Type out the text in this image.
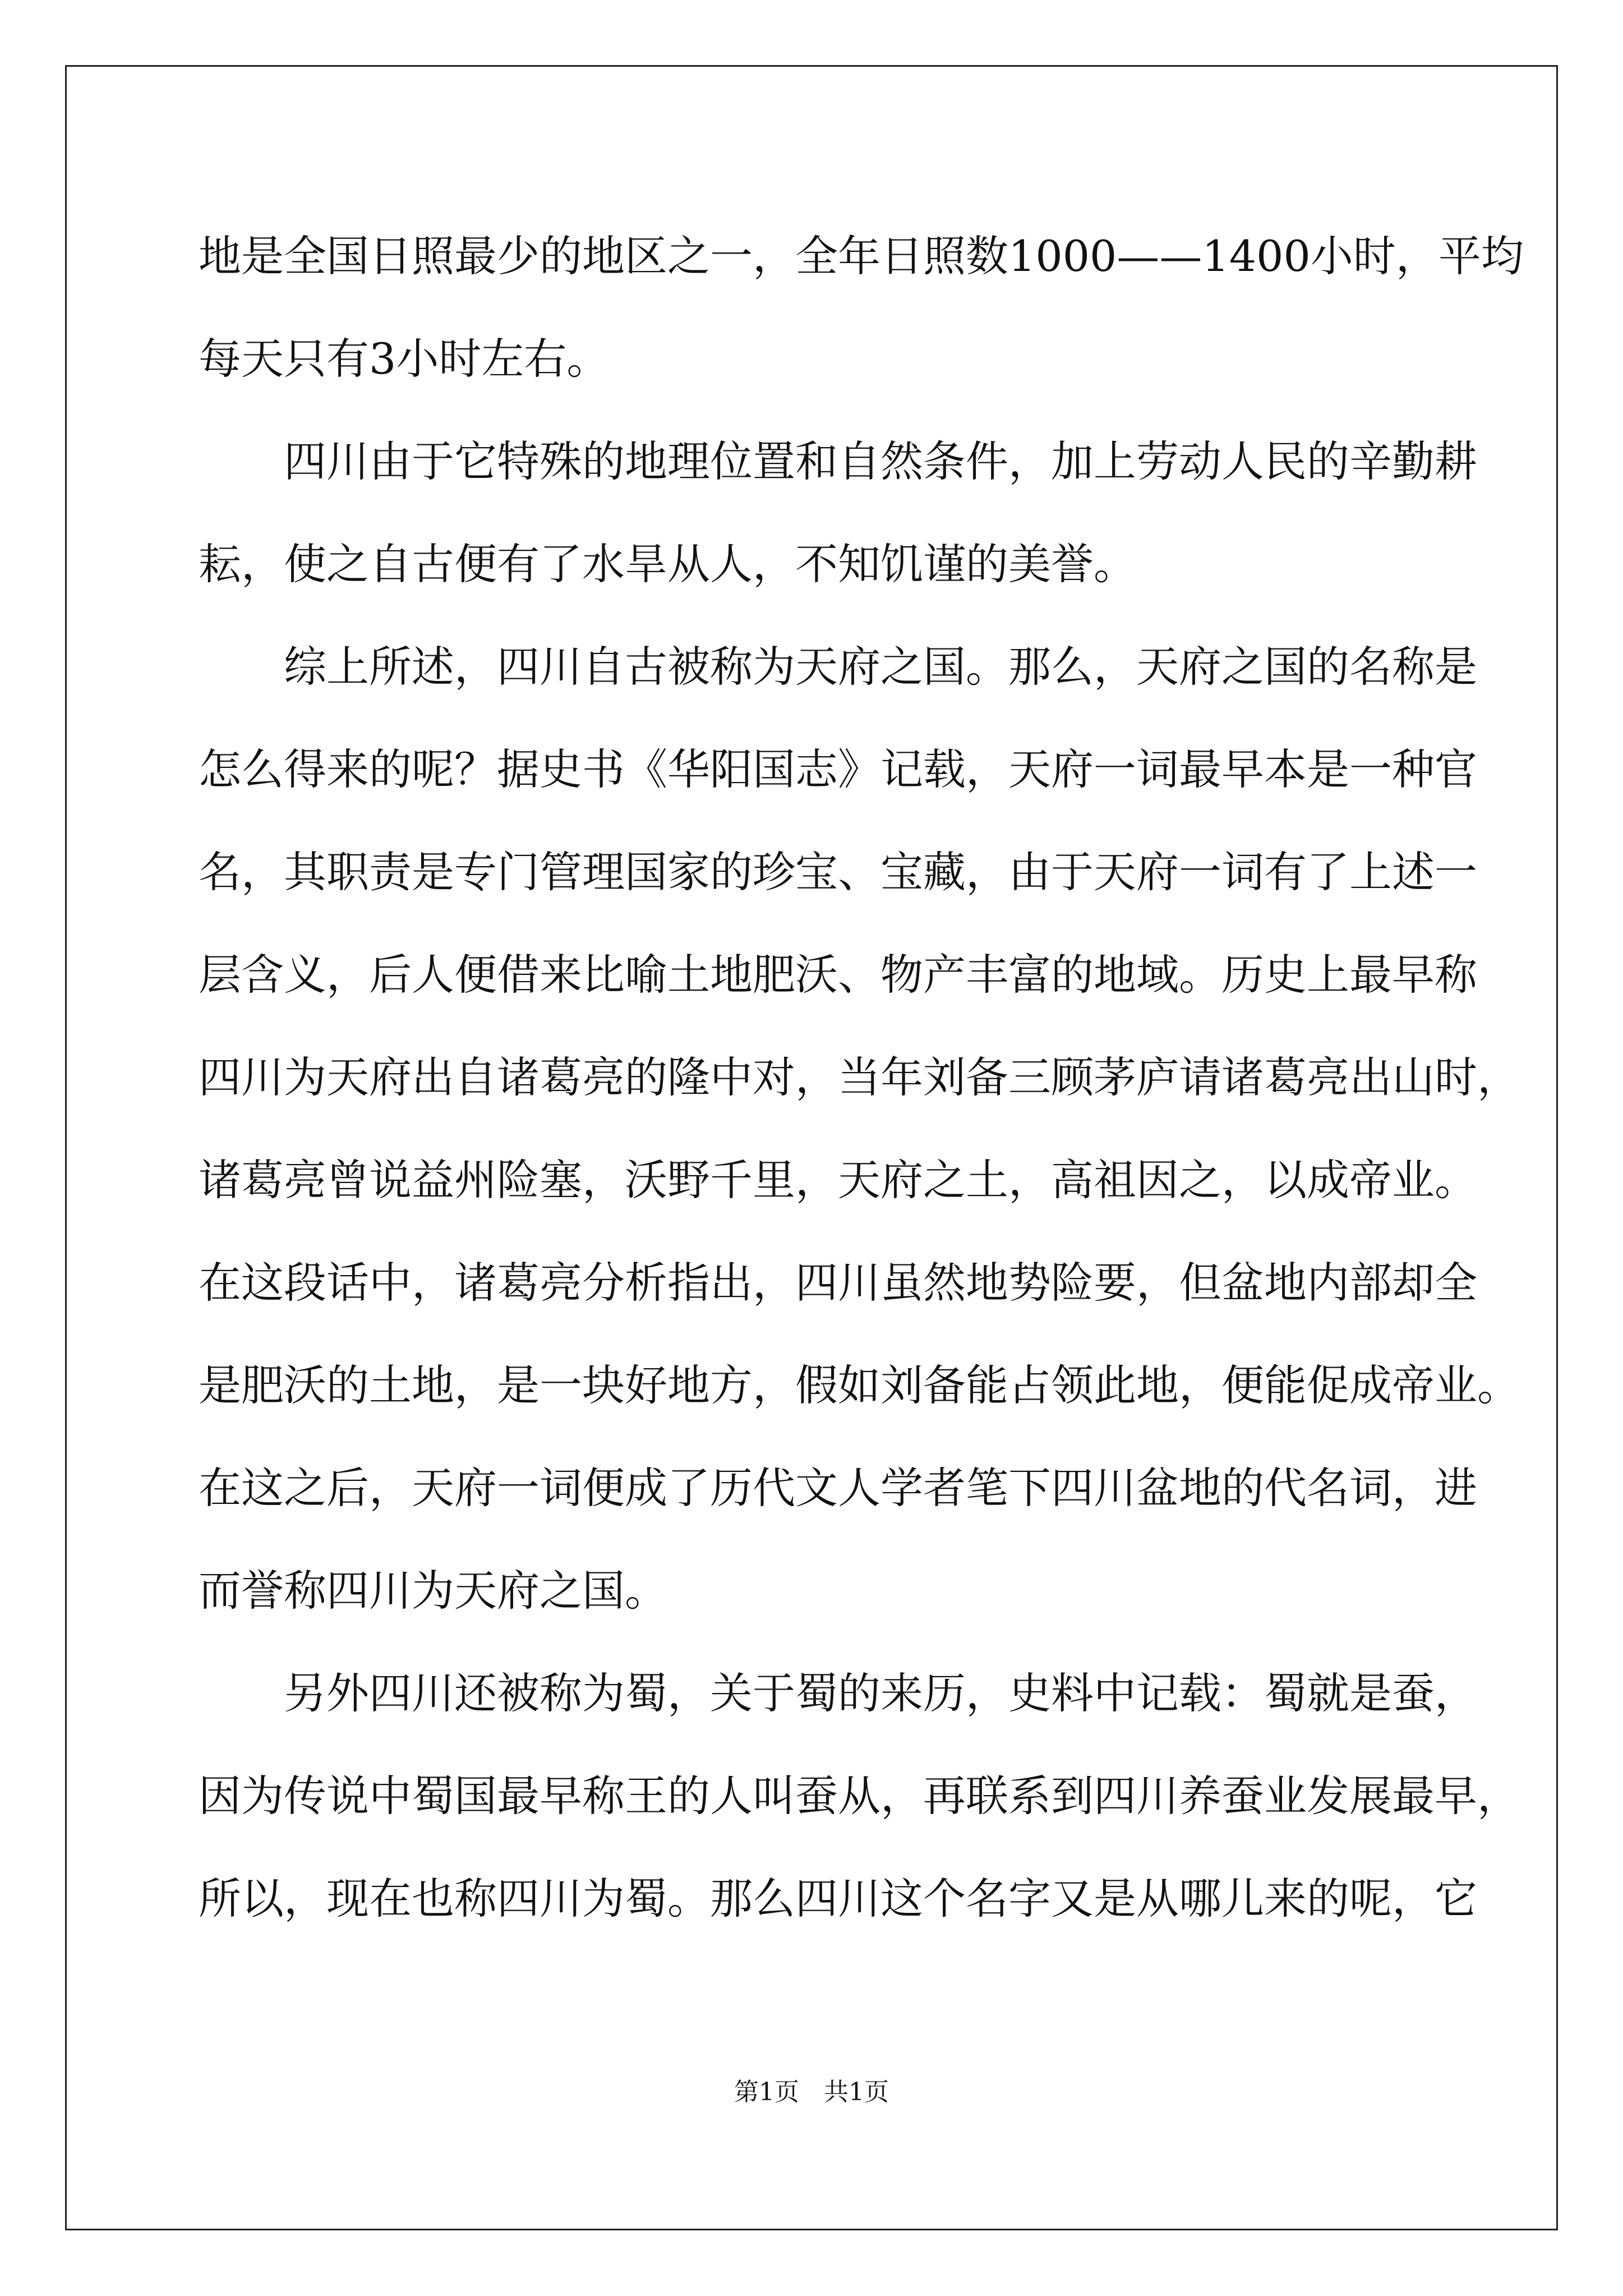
地是全国日照最少的地区之一，全年日照数1000——1400小时，平均
每天只有3小时左右。
四川由于它特殊的地理位置和自然条件，加上劳动人民的辛勤耕
耘，使之自古便有了水旱从人，不知饥谨的美誉。
综上所述，四川自古被称为天府之国。那么，天府之国的名称是
怎么得来的呢？据史书《华阳国志》记载，天府一词最早本是一种官
名，其职责是专门管理国家的珍宝、宝藏，由于天府一词有了上述一
层含义，后人便借来比喻土地肥沃、物产丰富的地域。历史上最早称
四川为天府出自诸葛亮的隆中对，当年刘备三顾茅庐请诸葛亮出山时，
诸葛亮曾说益州险塞，沃野千里，天府之土，高祖因之，以成帝业。
在这段话中，诸葛亮分析指出，四川虽然地势险要，但盆地内部却全
是肥沃的土地，是一块好地方，假如刘备能占领此地，便能促成帝业。
在这之后，天府一词便成了历代文人学者笔下四川盆地的代名词，进
而誉称四川为天府之国。
另外四川还被称为蜀，关于蜀的来历，史料中记载：蜀就是蚕，
因为传说中蜀国最早称王的人叫蚕从，再联系到四川养蚕业发展最早，
所以，现在也称四川为蜀。那么四川这个名字又是从哪儿来的呢，它
第1页 共1页
